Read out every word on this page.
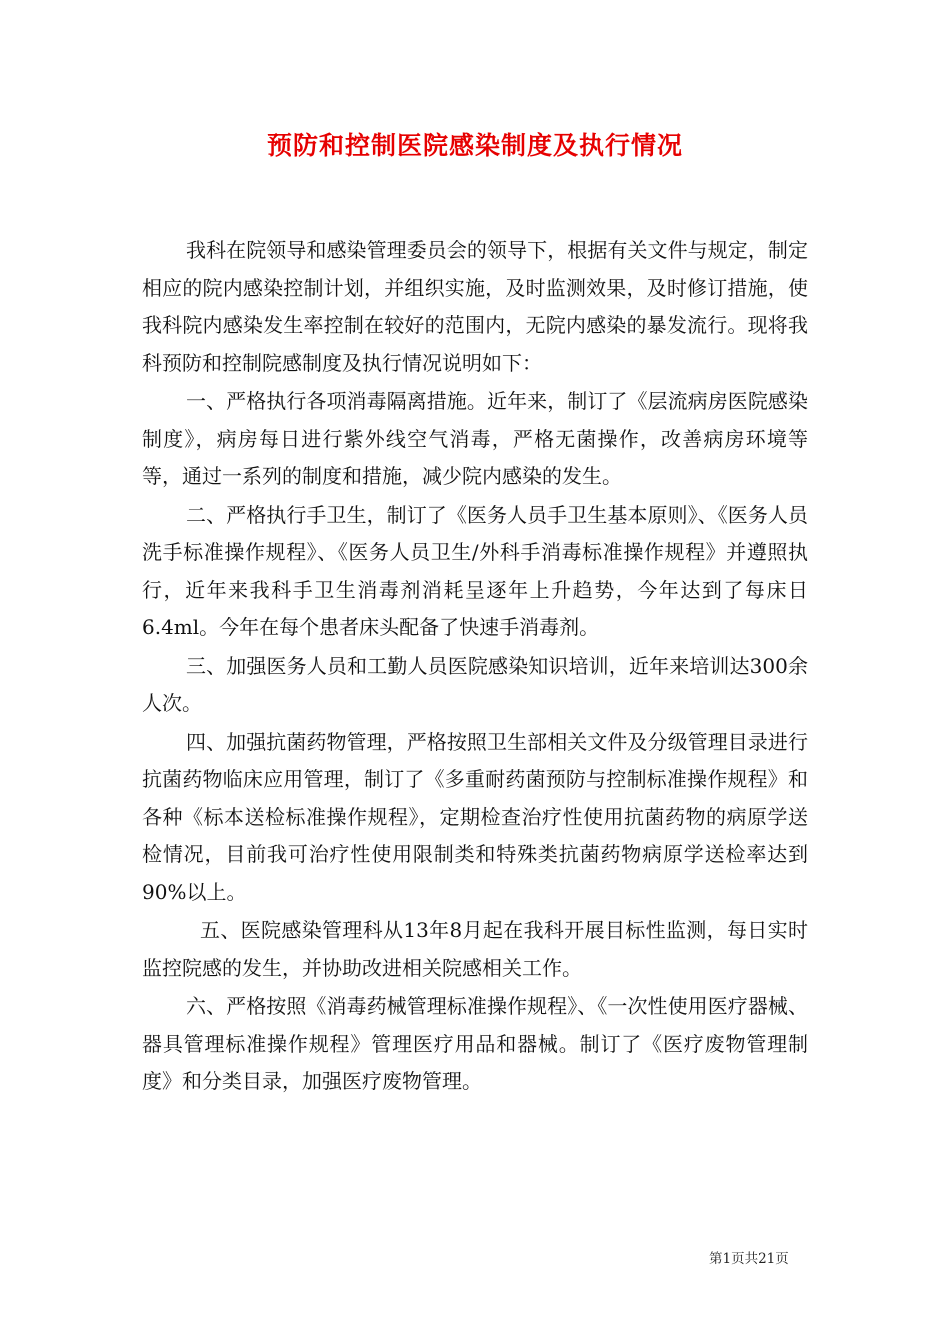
预防和控制医院感染制度及执行情况

我科在院领导和感染管理委员会的领导下，根据有关文件与规定，制定相应的院内感染控制计划，并组织实施，及时监测效果，及时修订措施，使我科院内感染发生率控制在较好的范围内，无院内感染的暴发流行。现将我科预防和控制院感制度及执行情况说明如下：

一、严格执行各项消毒隔离措施。近年来，制订了《层流病房医院感染制度》，病房每日进行紫外线空气消毒，严格无菌操作，改善病房环境等等，通过一系列的制度和措施，减少院内感染的发生。

二、严格执行手卫生，制订了《医务人员手卫生基本原则》、《医务人员洗手标准操作规程》、《医务人员卫生/外科手消毒标准操作规程》并遵照执行，近年来我科手卫生消毒剂消耗呈逐年上升趋势，今年达到了每床日6.4ml。今年在每个患者床头配备了快速手消毒剂。

三、加强医务人员和工勤人员医院感染知识培训，近年来培训达300余人次。

四、加强抗菌药物管理，严格按照卫生部相关文件及分级管理目录进行抗菌药物临床应用管理，制订了《多重耐药菌预防与控制标准操作规程》和各种《标本送检标准操作规程》，定期检查治疗性使用抗菌药物的病原学送检情况，目前我可治疗性使用限制类和特殊类抗菌药物病原学送检率达到90%以上。

五、医院感染管理科从13年8月起在我科开展目标性监测，每日实时监控院感的发生，并协助改进相关院感相关工作。

六、严格按照《消毒药械管理标准操作规程》、《一次性使用医疗器械、器具管理标准操作规程》管理医疗用品和器械。制订了《医疗废物管理制度》和分类目录，加强医疗废物管理。

第1页共21页
